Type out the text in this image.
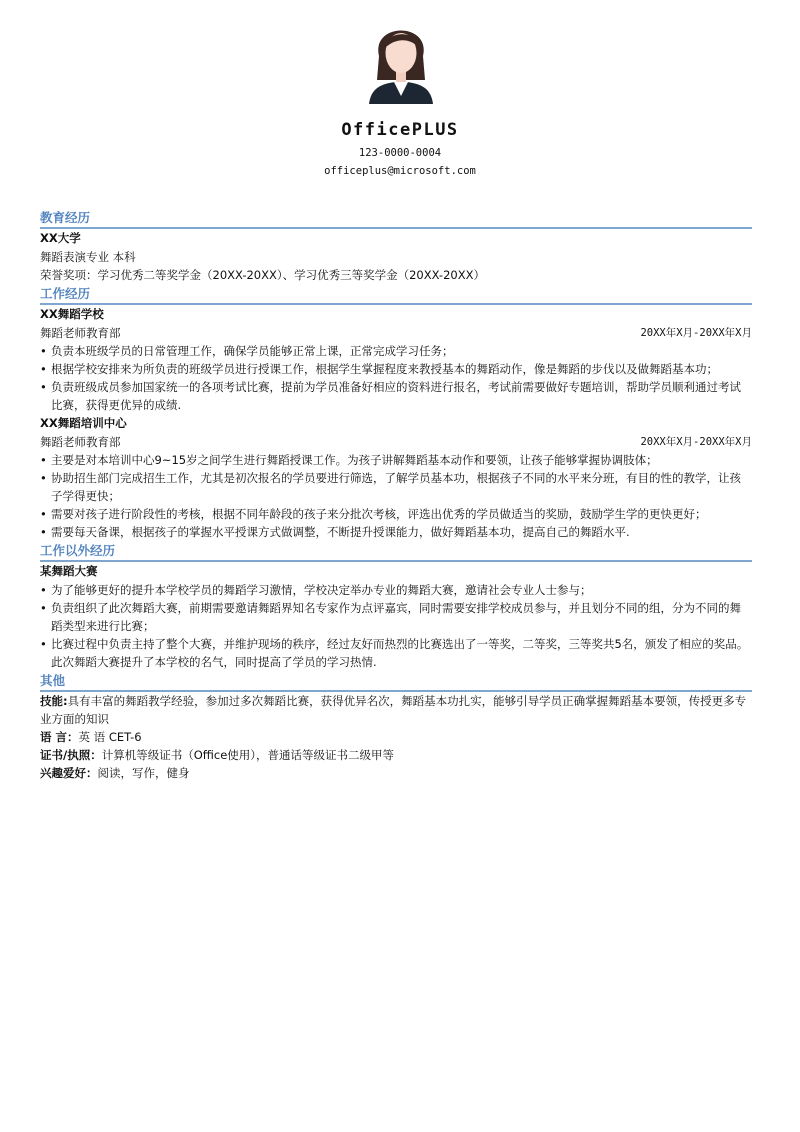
OfficePLUS
123-0000-0004
officeplus@microsoft.com
教育经历
XX大学
舞蹈表演专业 本科
荣誉奖项：学习优秀二等奖学金（20XX-20XX）、学习优秀三等奖学金（20XX-20XX）
工作经历
XX舞蹈学校
舞蹈老师教育部	20XX年X月-20XX年X月
• 负责本班级学员的日常管理工作，确保学员能够正常上课，正常完成学习任务；
• 根据学校安排来为所负责的班级学员进行授课工作，根据学生掌握程度来教授基本的舞蹈动作，像是舞蹈的步伐以及做舞蹈基本功；
• 负责班级成员参加国家统一的各项考试比赛，提前为学员准备好相应的资料进行报名，考试前需要做好专题培训，帮助学员顺利通过考试比赛，获得更优异的成绩.
XX舞蹈培训中心
舞蹈老师教育部	20XX年X月-20XX年X月
• 主要是对本培训中心9~15岁之间学生进行舞蹈授课工作。为孩子讲解舞蹈基本动作和要领，让孩子能够掌握协调肢体；
• 协助招生部门完成招生工作，尤其是初次报名的学员要进行筛选，了解学员基本功，根据孩子不同的水平来分班，有目的性的教学，让孩子学得更快；
• 需要对孩子进行阶段性的考核，根据不同年龄段的孩子来分批次考核，评选出优秀的学员做适当的奖励，鼓励学生学的更快更好；
• 需要每天备课，根据孩子的掌握水平授课方式做调整，不断提升授课能力，做好舞蹈基本功，提高自己的舞蹈水平.
工作以外经历
某舞蹈大赛
• 为了能够更好的提升本学校学员的舞蹈学习激情，学校决定举办专业的舞蹈大赛，邀请社会专业人士参与；
• 负责组织了此次舞蹈大赛，前期需要邀请舞蹈界知名专家作为点评嘉宾，同时需要安排学校成员参与，并且划分不同的组，分为不同的舞蹈类型来进行比赛；
• 比赛过程中负责主持了整个大赛，并维护现场的秩序，经过友好而热烈的比赛选出了一等奖，二等奖，三等奖共5名，颁发了相应的奖品。此次舞蹈大赛提升了本学校的名气，同时提高了学员的学习热情.
其他
技能:具有丰富的舞蹈教学经验，参加过多次舞蹈比赛，获得优异名次，舞蹈基本功扎实，能够引导学员正确掌握舞蹈基本要领，传授更多专业方面的知识
语 言：英 语 CET-6
证书/执照：计算机等级证书（Office使用），普通话等级证书二级甲等
兴趣爱好：阅读，写作，健身
